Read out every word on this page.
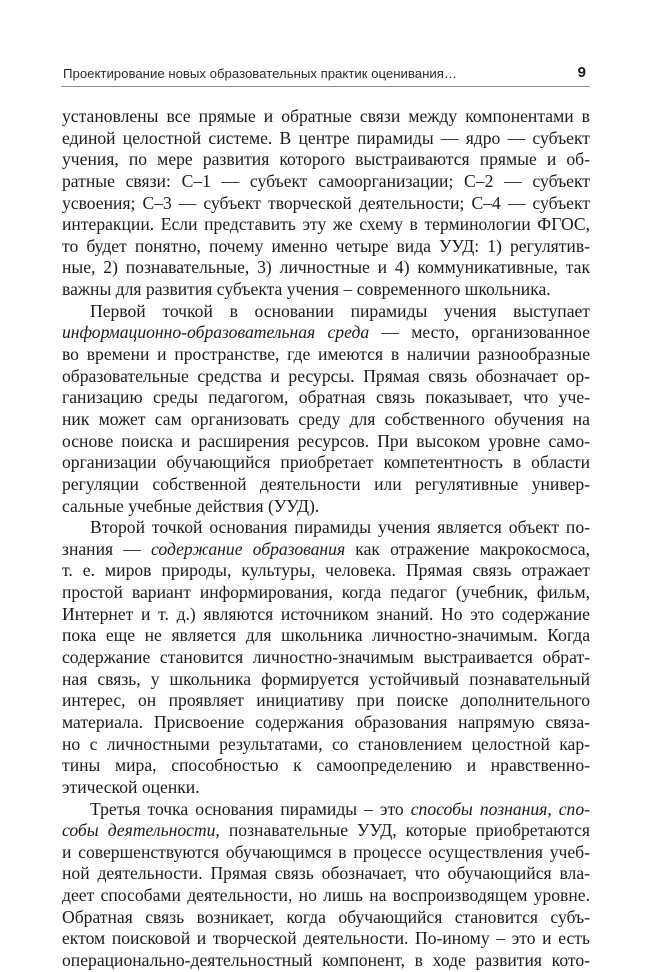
Проектирование новых образовательных практик оценивания…	9
установлены все прямые и обратные связи между компонентами в
единой целостной системе. В центре пирамиды — ядро — субъект
учения, по мере развития которого выстраиваются прямые и об-
ратные связи: С–1 — субъект самоорганизации; С–2 — субъект
усвоения; С–3 — субъект творческой деятельности; С–4 — субъект
интеракции. Если представить эту же схему в терминологии ФГОС,
то будет понятно, почему именно четыре вида УУД: 1) регулятив-
ные, 2) познавательные, 3) личностные и 4) коммуникативные, так
важны для развития субъекта учения – современного школьника.
Первой точкой в основании пирамиды учения выступает
информационно-образовательная среда — место, организованное
во времени и пространстве, где имеются в наличии разнообразные
образовательные средства и ресурсы. Прямая связь обозначает ор-
ганизацию среды педагогом, обратная связь показывает, что уче-
ник может сам организовать среду для собственного обучения на
основе поиска и расширения ресурсов. При высоком уровне само-
организации обучающийся приобретает компетентность в области
регуляции собственной деятельности или регулятивные универ-
сальные учебные действия (УУД).
Второй точкой основания пирамиды учения является объект по-
знания — содержание образования как отражение макрокосмоса,
т. е. миров природы, культуры, человека. Прямая связь отражает
простой вариант информирования, когда педагог (учебник, фильм,
Интернет и т. д.) являются источником знаний. Но это содержание
пока еще не является для школьника личностно-значимым. Когда
содержание становится личностно-значимым выстраивается обрат-
ная связь, у школьника формируется устойчивый познавательный
интерес, он проявляет инициативу при поиске дополнительного
материала. Присвоение содержания образования напрямую связа-
но с личностными результатами, со становлением целостной кар-
тины мира, способностью к самоопределению и нравственно-
этической оценки.
Третья точка основания пирамиды – это способы познания, спо-
собы деятельности, познавательные УУД, которые приобретаются
и совершенствуются обучающимся в процессе осуществления учеб-
ной деятельности. Прямая связь обозначает, что обучающийся вла-
деет способами деятельности, но лишь на воспроизводящем уровне.
Обратная связь возникает, когда обучающийся становится субъ-
ектом поисковой и творческой деятельности. По-иному – это и есть
операционально-деятельностный компонент, в ходе развития кото-
